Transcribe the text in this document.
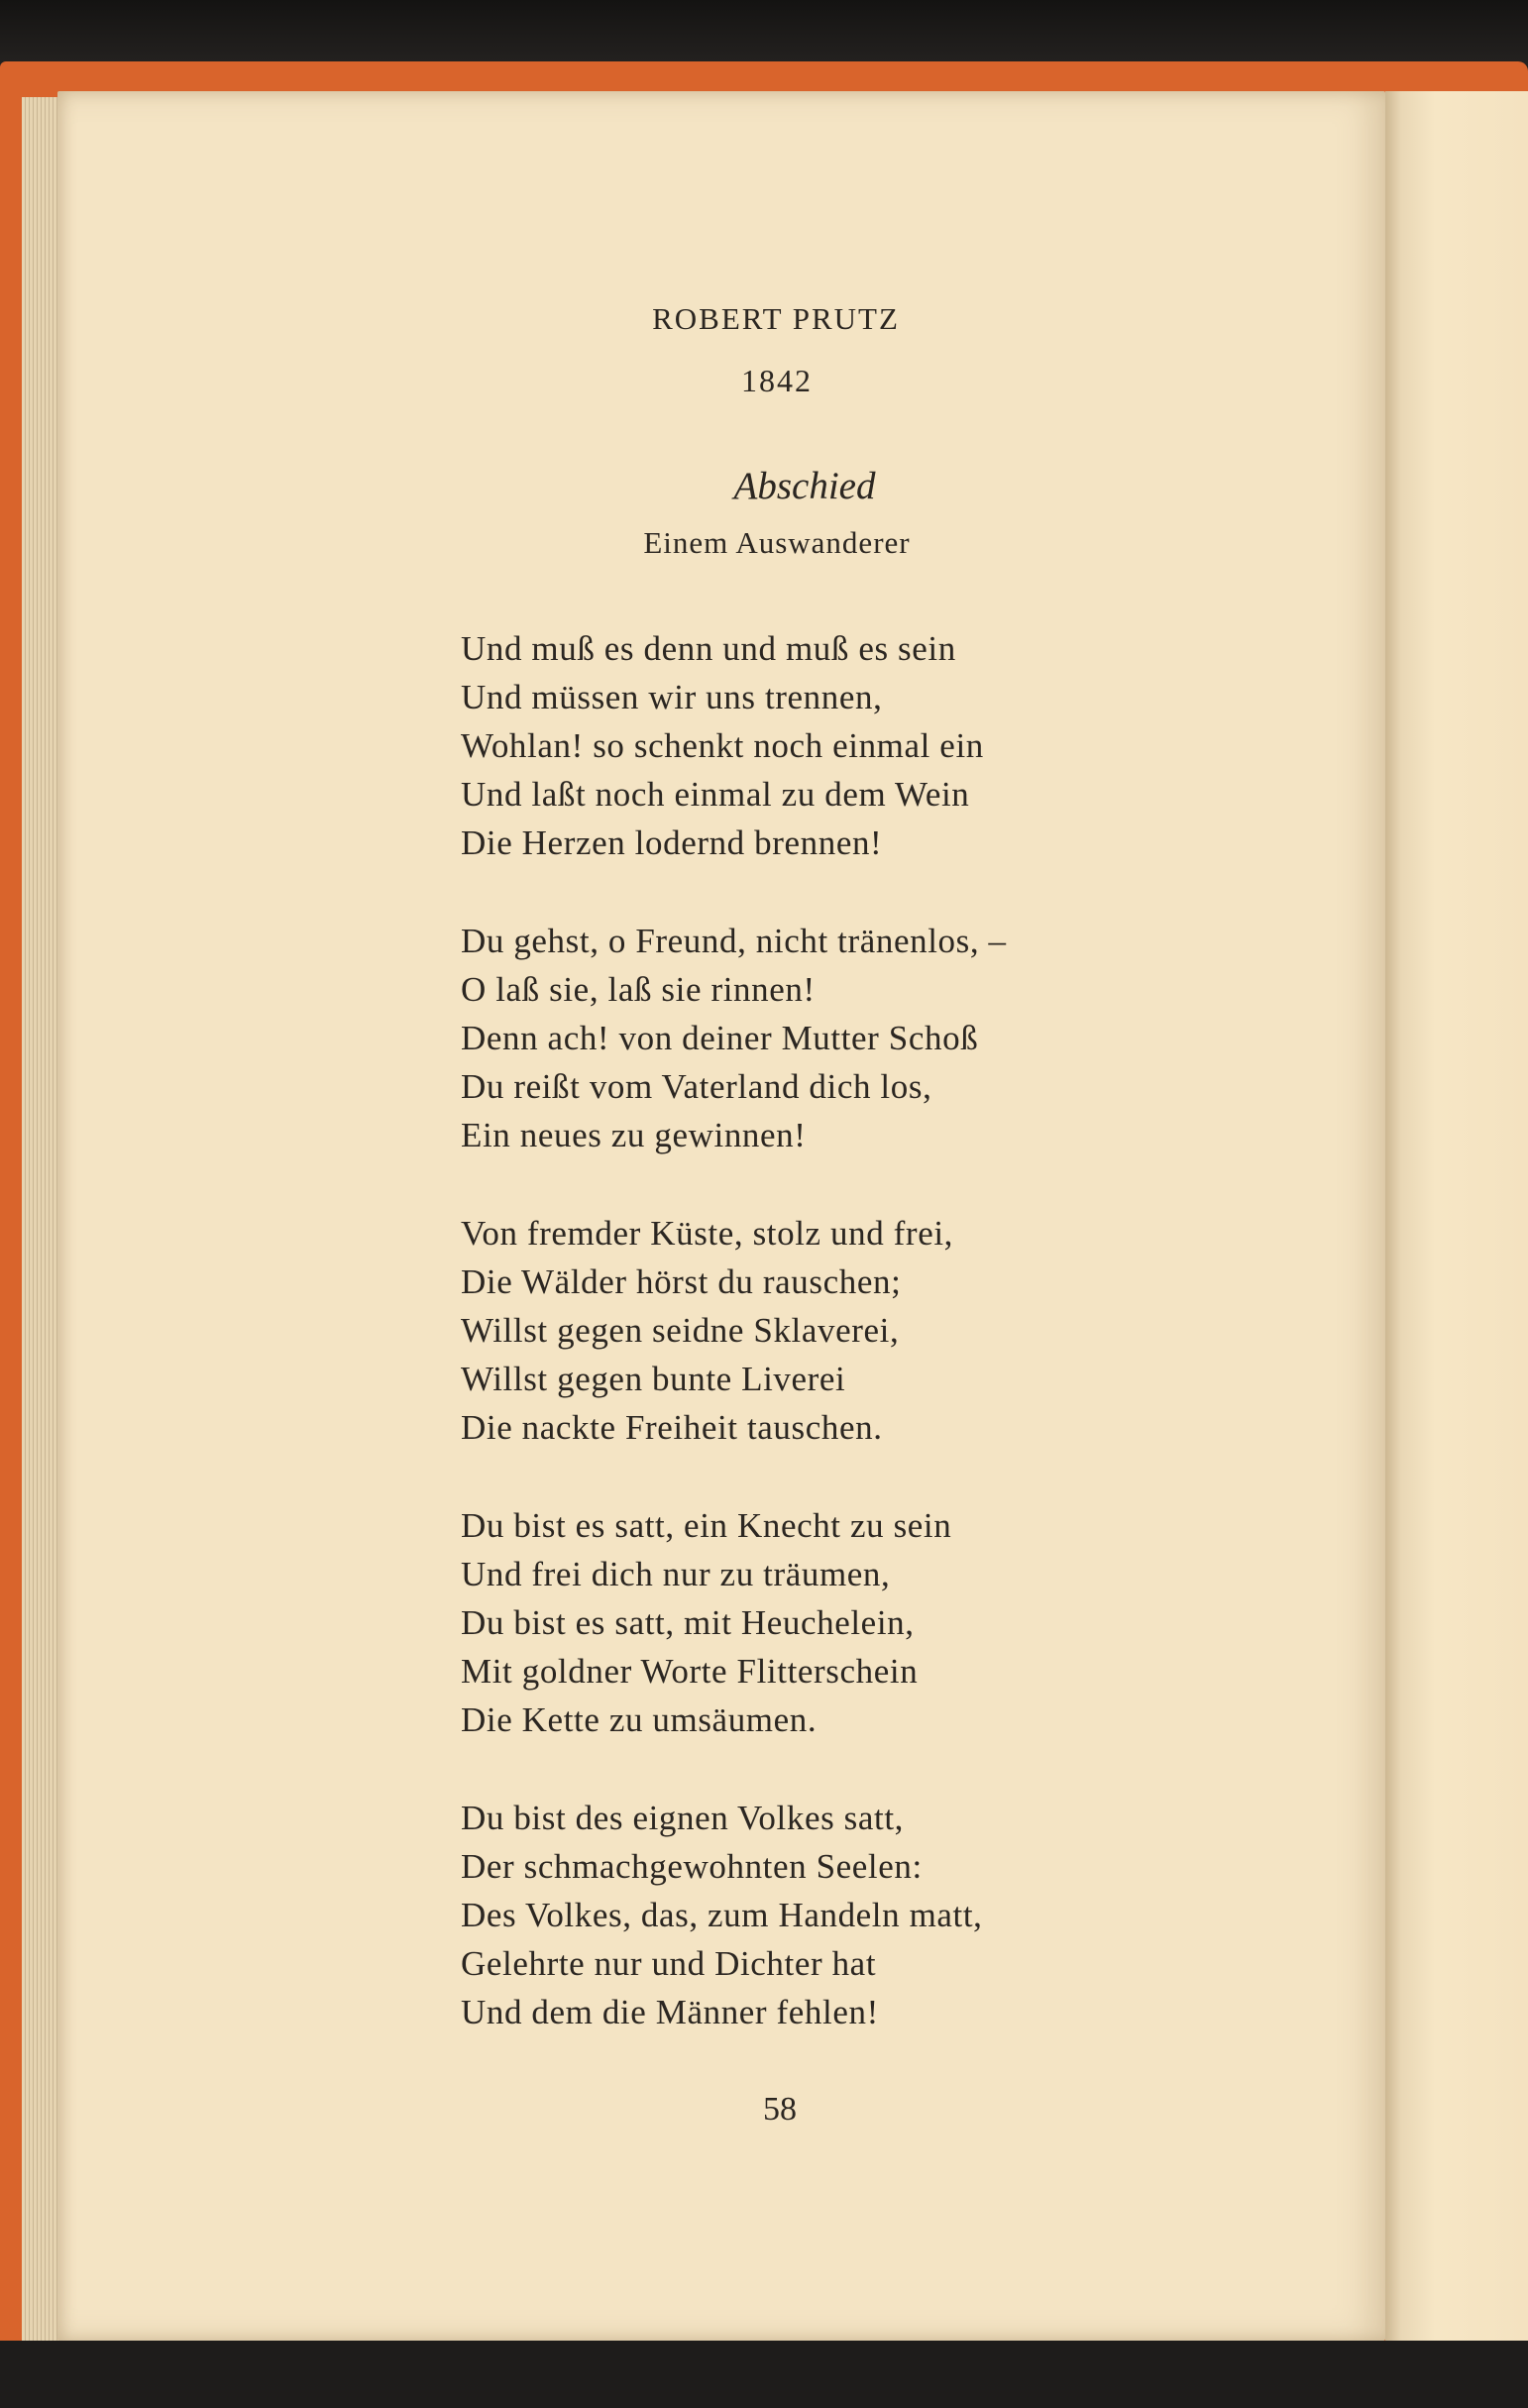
ROBERT PRUTZ
1842
Abschied
Einem Auswanderer
Und muß es denn und muß es sein
Und müssen wir uns trennen,
Wohlan! so schenkt noch einmal ein
Und laßt noch einmal zu dem Wein
Die Herzen lodernd brennen!
Du gehst, o Freund, nicht tränenlos, –
O laß sie, laß sie rinnen!
Denn ach! von deiner Mutter Schoß
Du reißt vom Vaterland dich los,
Ein neues zu gewinnen!
Von fremder Küste, stolz und frei,
Die Wälder hörst du rauschen;
Willst gegen seidne Sklaverei,
Willst gegen bunte Liverei
Die nackte Freiheit tauschen.
Du bist es satt, ein Knecht zu sein
Und frei dich nur zu träumen,
Du bist es satt, mit Heuchelein,
Mit goldner Worte Flitterschein
Die Kette zu umsäumen.
Du bist des eignen Volkes satt,
Der schmachgewohnten Seelen:
Des Volkes, das, zum Handeln matt,
Gelehrte nur und Dichter hat
Und dem die Männer fehlen!
58
